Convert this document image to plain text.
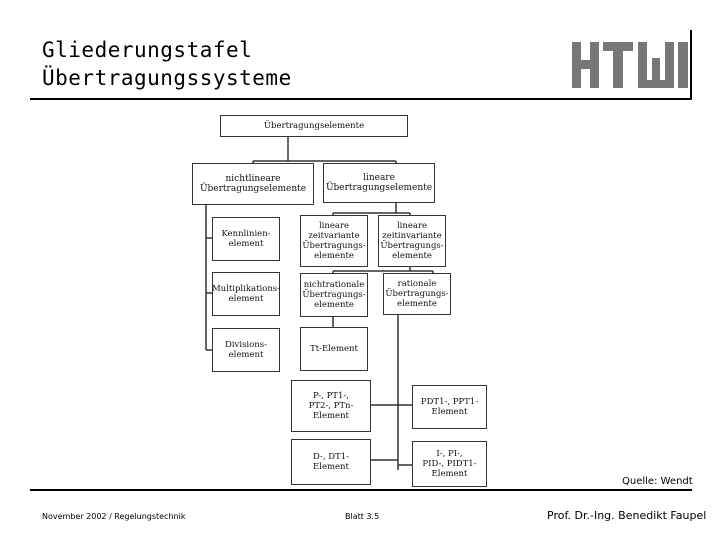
Gliederungstafel
Übertragungssysteme
Übertragungselemente
nichtlineare
Übertragungselemente
lineare
Übertragungselemente
lineare
zeitvariante
Übertragungs-
elemente
lineare
zeitinvariante
Übertragungs-
elemente
Kennlinien-
element
Multiplikations-
element
Divisions-
element
nichtrationale
Übertragungs-
elemente
rationale
Übertragungs-
elemente
Tt-Element
P-, PT1-,
PT2-, PTn-
Element
PDT1-, PPT1-
Element
D-, DT1-
Element
I-, PI-,
PID-, PIDT1-
Element
Quelle: Wendt
November 2002 / Regelungstechnik	Blatt 3.5	Prof. Dr.-Ing. Benedikt Faupel
